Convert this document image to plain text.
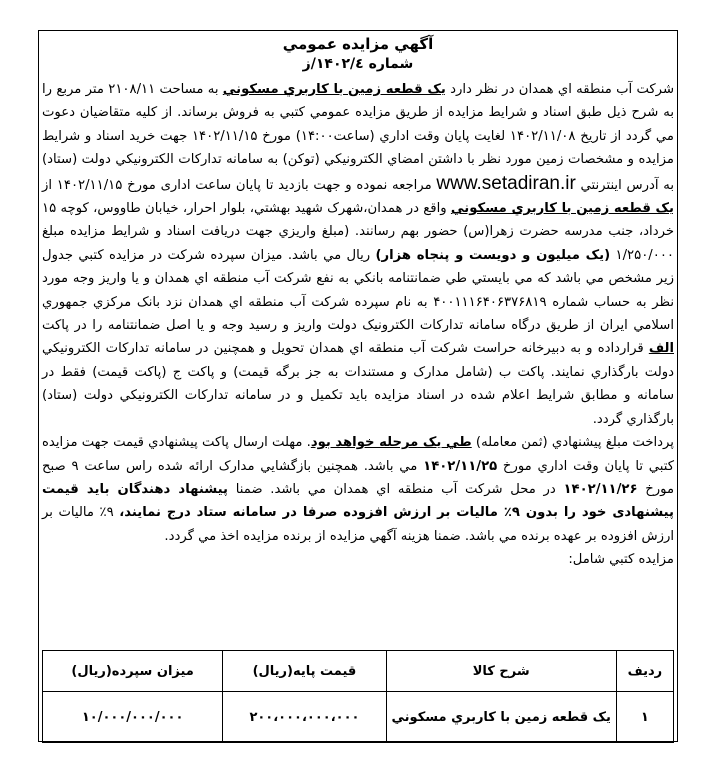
آگهي مزايده عمومي
شماره ۱۴۰۲/٤/ز

شرکت آب منطقه اي همدان در نظر دارد يک قطعه زمين با کاربري مسکوني به مساحت ۲۱۰۸/۱۱ متر مربع را به شرح ذيل طبق اسناد و شرايط مزايده از طريق مزايده عمومي کتبي به فروش برساند. از کليه متقاضيان دعوت مي گردد از تاريخ ۱۴۰۲/۱۱/۰۸ لغايت پايان وقت اداري (ساعت۱۴:۰۰) مورخ ۱۴۰۲/۱۱/۱۵ جهت خريد اسناد و شرايط مزايده و مشخصات زمين مورد نظر با داشتن امضاي الکترونيکي (توکن) به سامانه تدارکات الکترونيکي دولت (ستاد) به آدرس اينترنتي www.setadiran.ir مراجعه نموده و جهت بازديد تا پايان ساعت اداری مورخ ۱۴۰۲/۱۱/۱۵ از يک قطعه زمين با کاربري مسکوني واقع در همدان،شهرک شهيد بهشتي، بلوار احرار، خيابان طاووس، کوچه ۱۵ خرداد، جنب مدرسه حضرت زهرا(س) حضور بهم رسانند. (مبلغ واريزي جهت دريافت اسناد و شرايط مزايده مبلغ ۱/۲۵۰/۰۰۰ (يک ميليون و دويست و پنجاه هزار) ريال مي باشد. ميزان سپرده شرکت در مزايده کتبي جدول زير مشخص مي باشد که مي بايستي طي ضمانتنامه بانکي به نفع شرکت آب منطقه اي همدان و يا واريز وجه مورد نظر به حساب شماره ۴۰۰۱۱۱۶۴۰۶۳۷۶۸۱۹ به نام سپرده شرکت آب منطقه اي همدان نزد بانک مرکزي جمهوري اسلامي ايران از طريق درگاه سامانه تدارکات الکترونيک دولت واريز و رسيد وجه و يا اصل ضمانتنامه را در پاکت الف قرارداده و به دبيرخانه حراست شرکت آب منطقه اي همدان تحويل و همچنين در سامانه تدارکات الکترونيکي دولت بارگذاري نمايند. پاکت ب (شامل مدارک و مستندات به جز برگه قيمت) و پاکت ج (پاکت قيمت) فقط در سامانه و مطابق شرايط اعلام شده در اسناد مزايده بايد تکميل و در سامانه تدارکات الکترونيکي دولت (ستاد) بارگذاري گردد.

پرداخت مبلغ پيشنهادي (ثمن معامله) طي يک مرحله خواهد بود. مهلت ارسال پاکت پيشنهادي قيمت جهت مزايده کتبي تا پايان وقت اداري مورخ ۱۴۰۲/۱۱/۲۵ مي باشد. همچنين بازگشايي مدارک ارائه شده راس ساعت ۹ صبح مورخ ۱۴۰۲/۱۱/۲۶ در محل شرکت آب منطقه اي همدان مي باشد. ضمنا پيشنهاد دهندگان بايد قيمت پيشنهادی خود را بدون ۹٪ ماليات بر ارزش افزوده صرفا در سامانه ستاد درج نمايند، ۹٪ ماليات بر ارزش افزوده بر عهده برنده مي باشد. ضمنا هزينه آگهي مزايده از برنده مزايده اخذ مي گردد.

مزايده کتبي شامل:

رديف	شرح کالا	قيمت پايه(ريال)	ميزان سپرده(ريال)
۱	يک قطعه زمين با کاربري مسکوني	۲۰۰،۰۰۰،۰۰۰،۰۰۰	۱۰/۰۰۰/۰۰۰/۰۰۰
